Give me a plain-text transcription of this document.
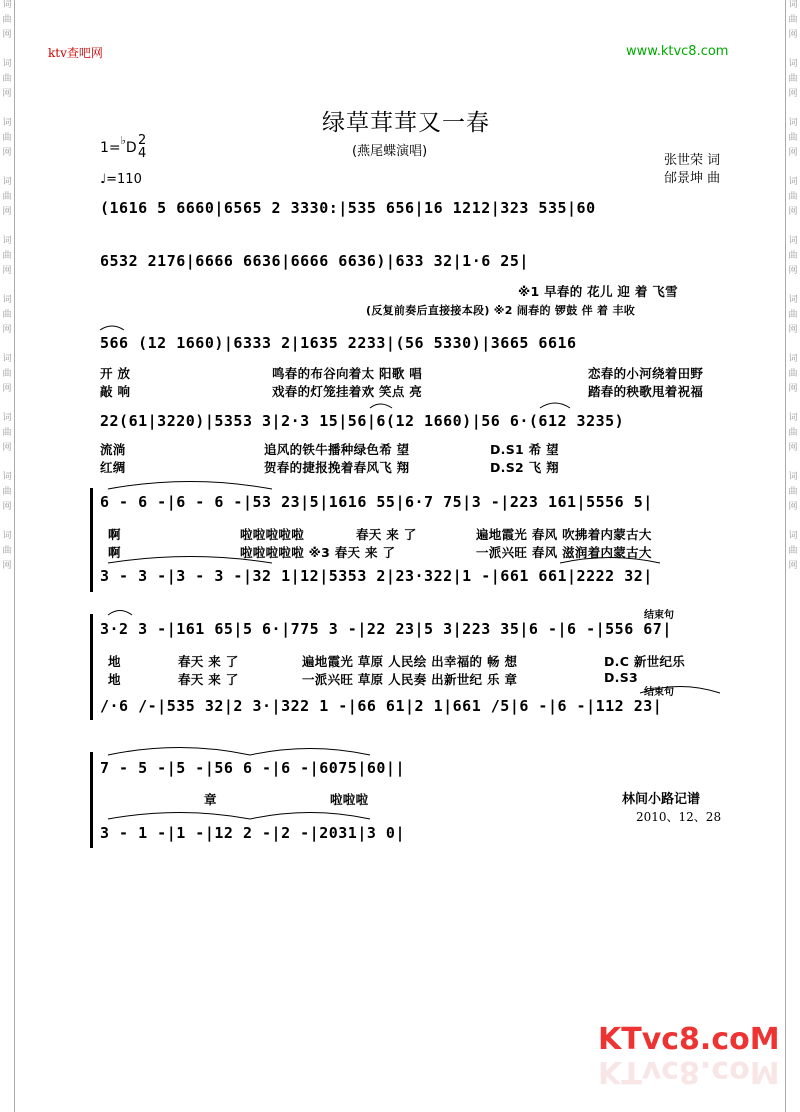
词
曲
网
词
曲
网
词
曲
网
词
曲
网
词
曲
网
词
曲
网
词
曲
网
词
曲
网
词
曲
网
词
曲
网
词
曲
网
词
曲
网
词
曲
网
词
曲
网
词
曲
网
词
曲
网
词
曲
网
词
曲
网
词
曲
网
词
曲
网
ktv查吧网	www.ktvc8.com
绿草茸茸又一春
(燕尾蝶演唱)
张世荣 词
邰景坤 曲
1=♭D 2
4
♩=110
(1616 5 6660|6565 2 3330:|535 656|16 1212|323 535|60
6532 2176|6666 6636|6666 6636)|633 32|1·6 25|
566 (12 1660)|6333 2|1635 2233|(56 5330)|3665 6616
22(61|3220)|5353 3|2·3 15|56|6(12 1660)|56 6·(612 3235)
6 - 6 -|6 - 6 -|53 23|5|1616 55|6·7 75|3 -|223 161|5556 5|
3 - 3 -|3 - 3 -|32 1|12|5353 2|23·322|1 -|661 661|2222 32|
3·2 3 -|161 65|5 6·|775 3 -|22 23|5 3|223 35|6 -|6 -|556 67|
/·6 /-|535 32|2 3·|322 1 -|66 61|2 1|661 /5|6 -|6 -|112 23|
7 - 5 -|5 -|56 6 -|6 -|6075|60||
3 - 1 -|1 -|12 2 -|2 -|2031|3 0|
※1 早春的 花儿 迎 着 飞雪
(反复前奏后直接接本段) ※2 闹春的 锣鼓 伴 着 丰收
开 放	鸣春的布谷向着太 阳歌 唱	恋春的小河绕着田野
敲 响	戏春的灯笼挂着欢 笑点 亮	踏春的秧歌甩着祝福
流淌	追风的铁牛播种绿色希 望	D.S1 希 望
红绸	贺春的捷报挽着春风飞 翔	D.S2 飞 翔
啊	啦啦啦啦啦	春天 来 了	遍地霞光 春风 吹拂着内蒙古大
啊	啦啦啦啦啦 ※3 春天 来 了	一派兴旺 春风 滋润着内蒙古大
地	春天 来 了	遍地霞光 草原 人民绘 出幸福的 畅 想	D.C 新世纪乐
地	春天 来 了	一派兴旺 草原 人民奏 出新世纪 乐 章	D.S3
章	啦啦啦
结束句
结束句
林间小路记谱
2010、12、28
KTvc8.coM
KTvc8.coM
